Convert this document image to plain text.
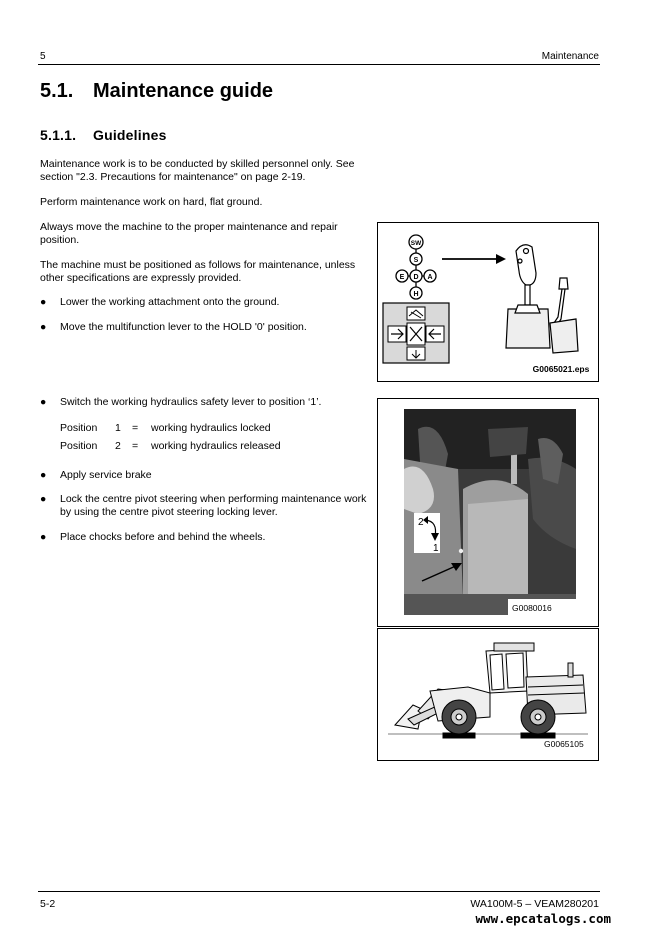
5	Maintenance
5.1. Maintenance guide
5.1.1. Guidelines
Maintenance work is to be conducted by skilled personnel only. See section "2.3. Precautions for maintenance" on page 2-19.
Perform maintenance work on hard, flat ground.
Always move the machine to the proper maintenance and repair position.
The machine must be positioned as follows for maintenance, unless other specifications are expressly provided.
● Lower the working attachment onto the ground.
● Move the multifunction lever to the HOLD '0' position.
● Switch the working hydraulics safety lever to position ‘1’.
Position 1 = working hydraulics locked
Position 2 = working hydraulics released
● Apply service brake
● Lock the centre pivot steering when performing maintenance work by using the centre pivot steering locking lever.
● Place chocks before and behind the wheels.
SW
S
E D A
H
G0065021.eps
2
1
G0080016
G0065105
5-2	WA100M-5 – VEAM280201
www.epcatalogs.com
